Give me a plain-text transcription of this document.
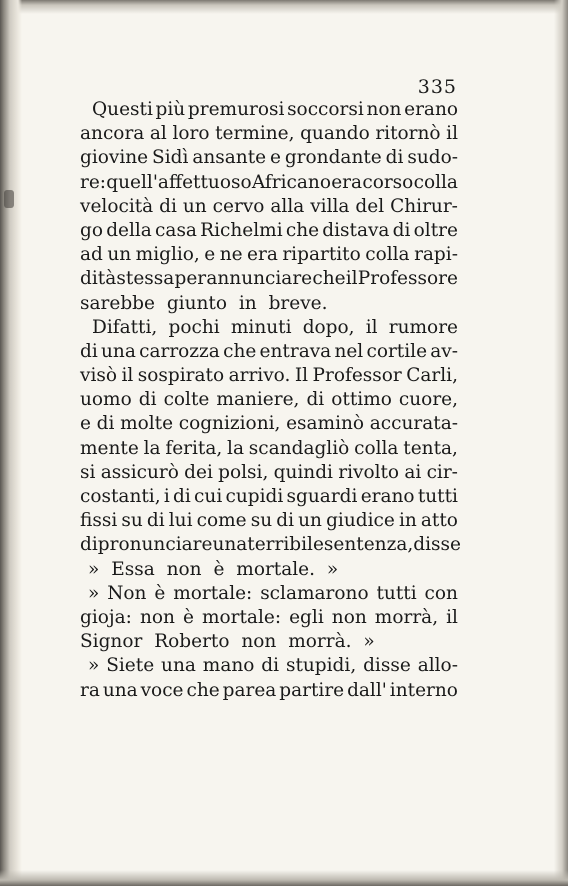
335
Questi più premurosi soccorsi non erano
ancora al loro termine, quando ritornò il
giovine Sidì ansante e grondante di sudo-
re: quell'affettuoso Africano era corso colla
velocità di un cervo alla villa del Chirur-
go della casa Richelmi che distava di oltre
ad un miglio, e ne era ripartito colla rapi-
dità stessa per annunciare che il Professore
sarebbe giunto in breve.
Difatti, pochi minuti dopo, il rumore
di una carrozza che entrava nel cortile av-
visò il sospirato arrivo. Il Professor Carli,
uomo di colte maniere, di ottimo cuore,
e di molte cognizioni, esaminò accurata-
mente la ferita, la scandagliò colla tenta,
si assicurò dei polsi, quindi rivolto ai cir-
costanti, i di cui cupidi sguardi erano tutti
fissi su di lui come su di un giudice in atto
di pronunciare una terribile sentenza, disse
» Essa non è mortale. »
» Non è mortale: sclamarono tutti con
gioja: non è mortale: egli non morrà, il
Signor Roberto non morrà. »
» Siete una mano di stupidi, disse allo-
ra una voce che parea partire dall' interno
